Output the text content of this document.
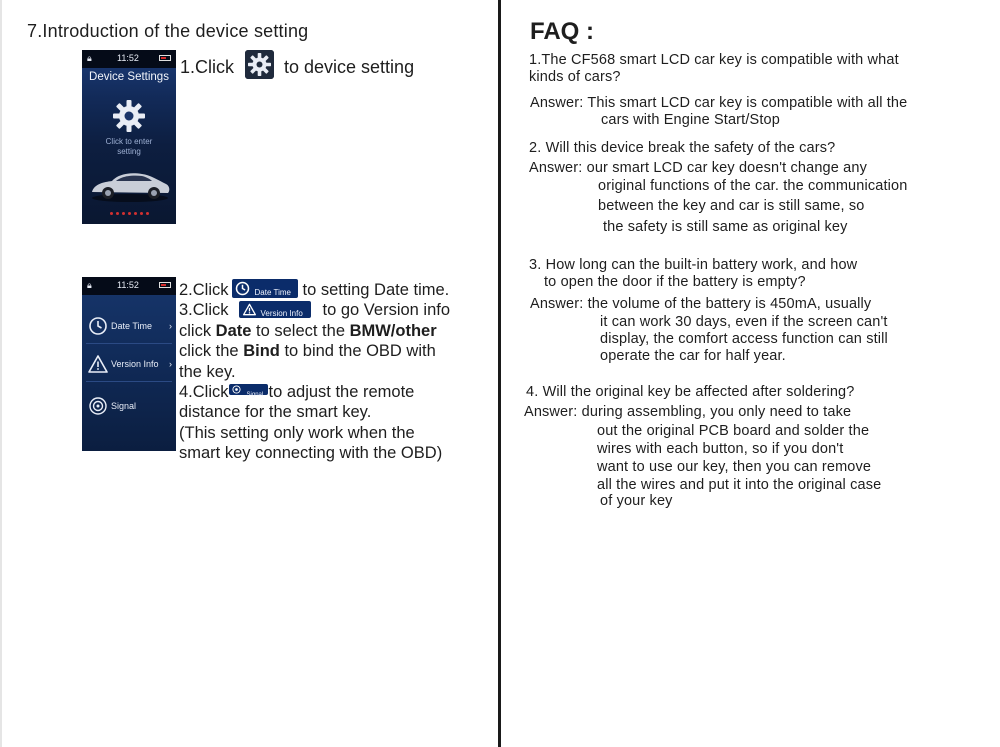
7.Introduction of the device setting
🔒︎	11:52
Device Settings
Click to enter setting
1.Click	to device setting
🔒︎	11:52
Date Time ›
Version Info ›
Signal
2.Click	Date Time to setting Date time.
3.Click	Version Info to go Version info
click Date to select the BMW/other
click the Bind to bind the OBD with
the key.
4.Click	Signal to adjust the remote
distance for the smart key.
(This setting only work when the
smart key connecting with the OBD)
FAQ :
1.The CF568 smart LCD car key is compatible with what
kinds of cars?
Answer: This smart LCD car key is compatible with all the
cars with Engine Start/Stop
2. Will this device break the safety of the cars?
Answer: our smart LCD car key doesn't change any
original functions of the car. the communication
between the key and car is still same, so
the safety is still same as original key
3. How long can the built-in battery work, and how
to open the door if the battery is empty?
Answer: the volume of the battery is 450mA, usually
it can work 30 days, even if the screen can't
display, the comfort access function can still
operate the car for half year.
4. Will the original key be affected after soldering?
Answer: during assembling, you only need to take
out the original PCB board and solder the
wires with each button, so if you don't
want to use our key, then you can remove
all the wires and put it into the original case
of your key
